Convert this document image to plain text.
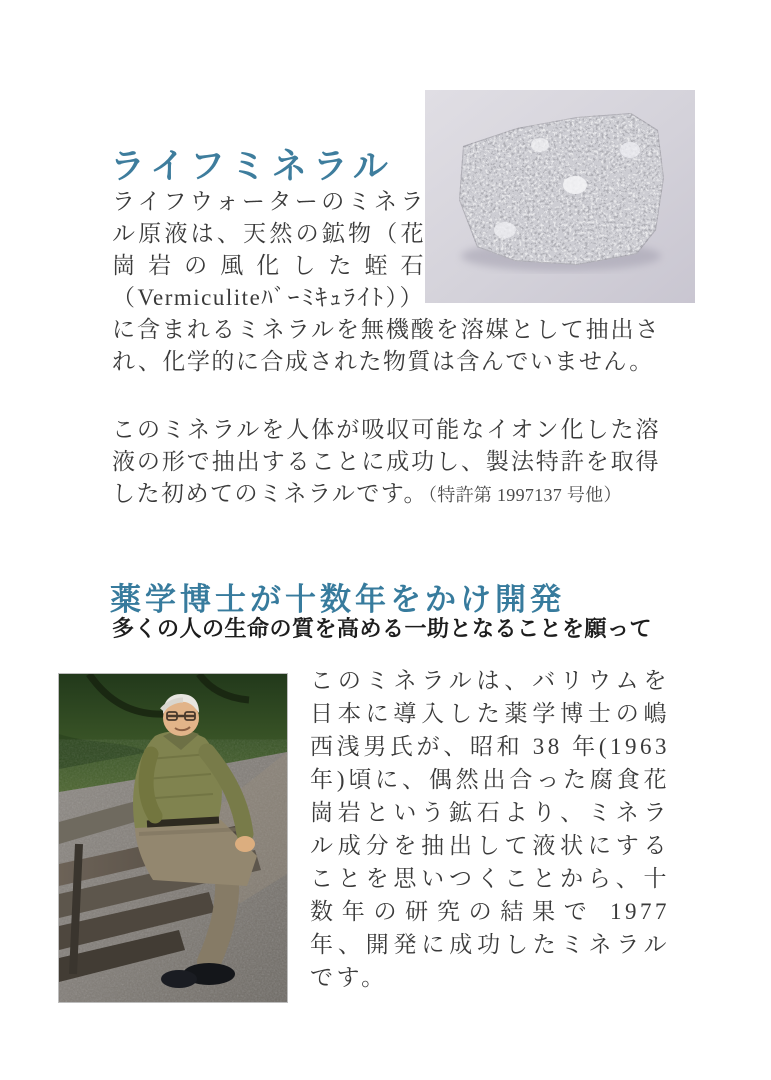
ライフミネラル

ライフウォーターのミネラル原液は、天然の鉱物（花崗岩の風化した蛭石（Vermiculiteﾊﾞｰﾐｷｭﾗｲﾄ））に含まれるミネラルを無機酸を溶媒として抽出され、化学的に合成された物質は含んでいません。

このミネラルを人体が吸収可能なイオン化した溶液の形で抽出することに成功し、製法特許を取得した初めてのミネラルです。（特許第 1997137 号他）

薬学博士が十数年をかけ開発
多くの人の生命の質を高める一助となることを願って

このミネラルは、バリウムを日本に導入した薬学博士の嶋西浅男氏が、昭和 38 年(1963 年)頃に、偶然出合った腐食花崗岩という鉱石より、ミネラル成分を抽出して液状にすることを思いつくことから、十数年の研究の結果で 1977 年、開発に成功したミネラルです。
